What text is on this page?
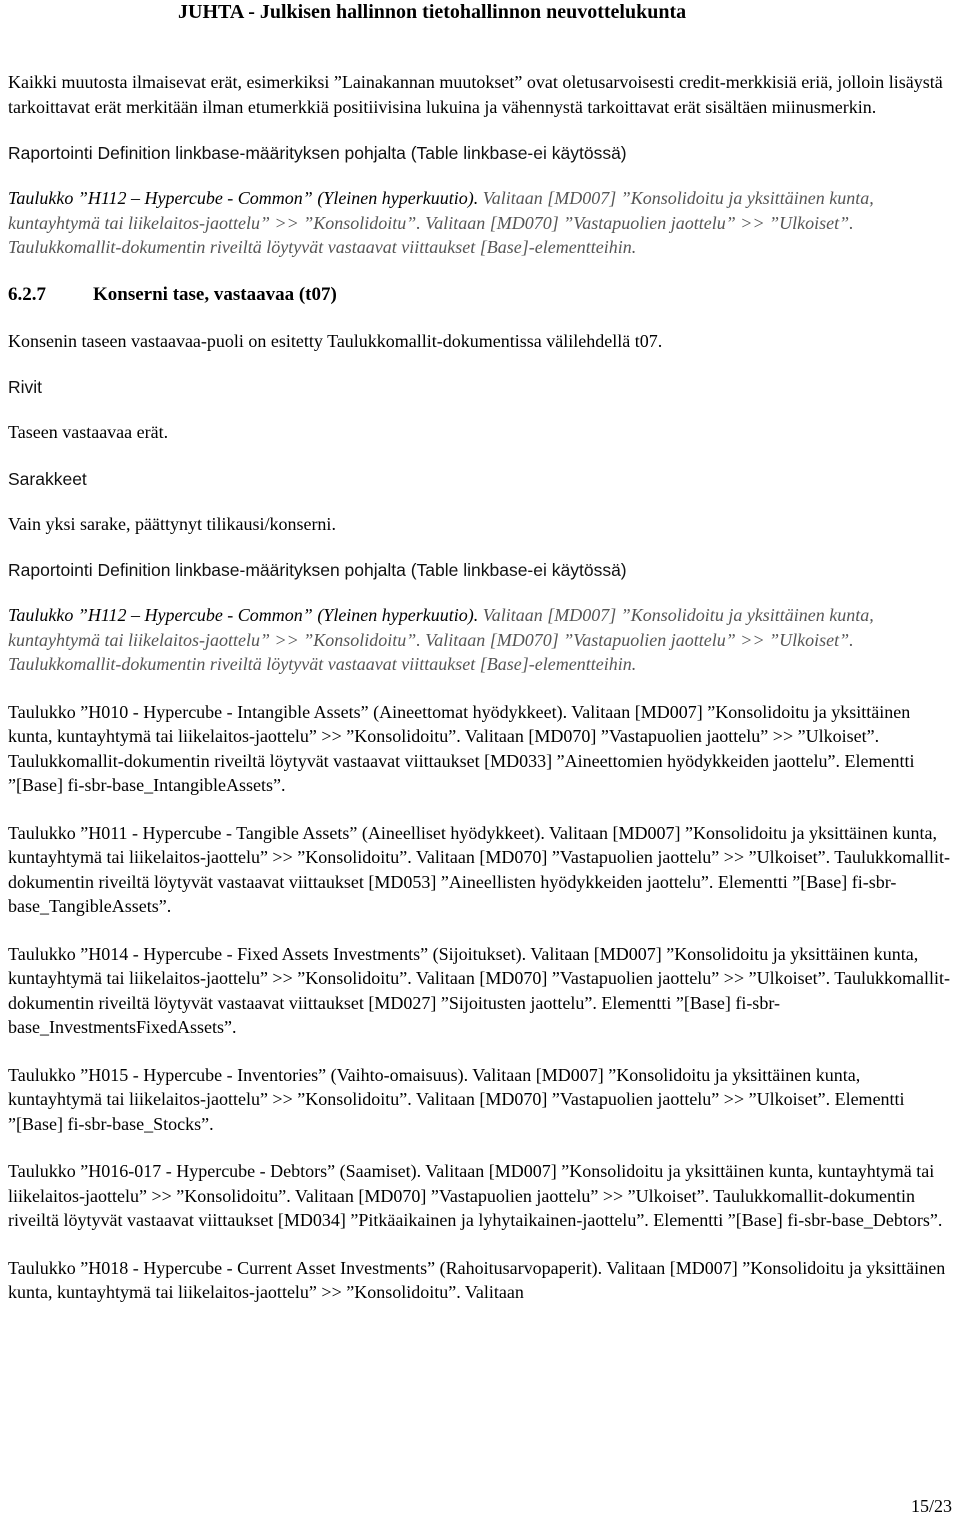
JUHTA - Julkisen hallinnon tietohallinnon neuvottelukunta

Kaikki muutosta ilmaisevat erät, esimerkiksi ”Lainakannan muutokset” ovat oletusarvoisesti credit-merkkisiä eriä, jolloin lisäystä tarkoittavat erät merkitään ilman etumerkkiä positiivisina lukuina ja vähennystä tarkoittavat erät sisältäen miinusmerkin.

Raportointi Definition linkbase-määrityksen pohjalta (Table linkbase-ei käytössä)

Taulukko ”H112 – Hypercube - Common” (Yleinen hyperkuutio). Valitaan [MD007] ”Konsolidoitu ja yksittäinen kunta, kuntayhtymä tai liikelaitos-jaottelu” >> ”Konsolidoitu”. Valitaan [MD070] ”Vastapuolien jaottelu” >> ”Ulkoiset”. Taulukkomallit-dokumentin riveiltä löytyvät vastaavat viittaukset [Base]-elementteihin.

6.2.7 Konserni tase, vastaavaa (t07)

Konsenin taseen vastaavaa-puoli on esitetty Taulukkomallit-dokumentissa välilehdellä t07.

Rivit

Taseen vastaavaa erät.

Sarakkeet

Vain yksi sarake, päättynyt tilikausi/konserni.

Raportointi Definition linkbase-määrityksen pohjalta (Table linkbase-ei käytössä)

Taulukko ”H112 – Hypercube - Common” (Yleinen hyperkuutio). Valitaan [MD007] ”Konsolidoitu ja yksittäinen kunta, kuntayhtymä tai liikelaitos-jaottelu” >> ”Konsolidoitu”. Valitaan [MD070] ”Vastapuolien jaottelu” >> ”Ulkoiset”. Taulukkomallit-dokumentin riveiltä löytyvät vastaavat viittaukset [Base]-elementteihin.

Taulukko ”H010 - Hypercube - Intangible Assets” (Aineettomat hyödykkeet). Valitaan [MD007] ”Konsolidoitu ja yksittäinen kunta, kuntayhtymä tai liikelaitos-jaottelu” >> ”Konsolidoitu”. Valitaan [MD070] ”Vastapuolien jaottelu” >> ”Ulkoiset”. Taulukkomallit-dokumentin riveiltä löytyvät vastaavat viittaukset [MD033] ”Aineettomien hyödykkeiden jaottelu”. Elementti ”[Base] fi-sbr-base_IntangibleAssets”.

Taulukko ”H011 - Hypercube - Tangible Assets” (Aineelliset hyödykkeet). Valitaan [MD007] ”Konsolidoitu ja yksittäinen kunta, kuntayhtymä tai liikelaitos-jaottelu” >> ”Konsolidoitu”. Valitaan [MD070] ”Vastapuolien jaottelu” >> ”Ulkoiset”. Taulukkomallit-dokumentin riveiltä löytyvät vastaavat viittaukset [MD053] ”Aineellisten hyödykkeiden jaottelu”. Elementti ”[Base] fi-sbr-base_TangibleAssets”.

Taulukko ”H014 - Hypercube - Fixed Assets Investments” (Sijoitukset). Valitaan [MD007] ”Konsolidoitu ja yksittäinen kunta, kuntayhtymä tai liikelaitos-jaottelu” >> ”Konsolidoitu”. Valitaan [MD070] ”Vastapuolien jaottelu” >> ”Ulkoiset”. Taulukkomallit-dokumentin riveiltä löytyvät vastaavat viittaukset [MD027] ”Sijoitusten jaottelu”. Elementti ”[Base] fi-sbr-base_InvestmentsFixedAssets”.

Taulukko ”H015 - Hypercube - Inventories” (Vaihto-omaisuus). Valitaan [MD007] ”Konsolidoitu ja yksittäinen kunta, kuntayhtymä tai liikelaitos-jaottelu” >> ”Konsolidoitu”. Valitaan [MD070] ”Vastapuolien jaottelu” >> ”Ulkoiset”. Elementti ”[Base] fi-sbr-base_Stocks”.

Taulukko ”H016-017 - Hypercube - Debtors” (Saamiset). Valitaan [MD007] ”Konsolidoitu ja yksittäinen kunta, kuntayhtymä tai liikelaitos-jaottelu” >> ”Konsolidoitu”. Valitaan [MD070] ”Vastapuolien jaottelu” >> ”Ulkoiset”. Taulukkomallit-dokumentin riveiltä löytyvät vastaavat viittaukset [MD034] ”Pitkäaikainen ja lyhytaikainen-jaottelu”. Elementti ”[Base] fi-sbr-base_Debtors”.

Taulukko ”H018 - Hypercube - Current Asset Investments” (Rahoitusarvopaperit). Valitaan [MD007] ”Konsolidoitu ja yksittäinen kunta, kuntayhtymä tai liikelaitos-jaottelu” >> ”Konsolidoitu”. Valitaan

15/23
